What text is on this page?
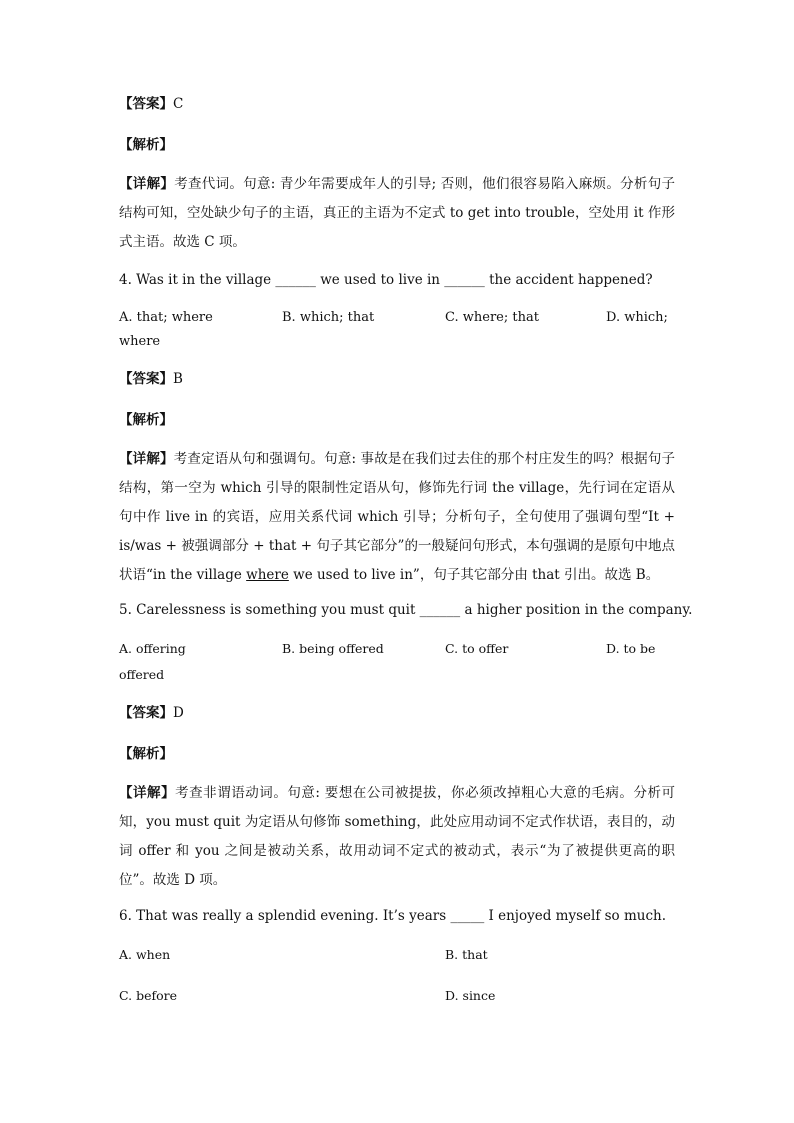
【答案】C
【解析】
【详解】考查代词。句意: 青少年需要成年人的引导; 否则，他们很容易陷入麻烦。分析句子结构可知，空处缺少句子的主语，真正的主语为不定式 to get into trouble，空处用 it 作形式主语。故选 C 项。
4. Was it in the village ______ we used to live in ______ the accident happened?
A. that; where	B. which; that	C. where; that	D. which;
where
【答案】B
【解析】
【详解】考查定语从句和强调句。句意: 事故是在我们过去住的那个村庄发生的吗？根据句子结构，第一空为 which 引导的限制性定语从句，修饰先行词 the village，先行词在定语从句中作 live in 的宾语，应用关系代词 which 引导；分析句子，全句使用了强调句型“It + is/was + 被强调部分 + that + 句子其它部分”的一般疑问句形式，本句强调的是原句中地点状语“in the village where we used to live in”，句子其它部分由 that 引出。故选 B。
5. Carelessness is something you must quit ______ a higher position in the company.
A. offering	B. being offered	C. to offer	D. to be
offered
【答案】D
【解析】
【详解】考查非谓语动词。句意: 要想在公司被提拔，你必须改掉粗心大意的毛病。分析可知，you must quit 为定语从句修饰 something，此处应用动词不定式作状语，表目的，动词 offer 和 you 之间是被动关系，故用动词不定式的被动式，表示“为了被提供更高的职位”。故选 D 项。
6. That was really a splendid evening. It’s years _____ I enjoyed myself so much.
A. when	B. that
C. before	D. since
